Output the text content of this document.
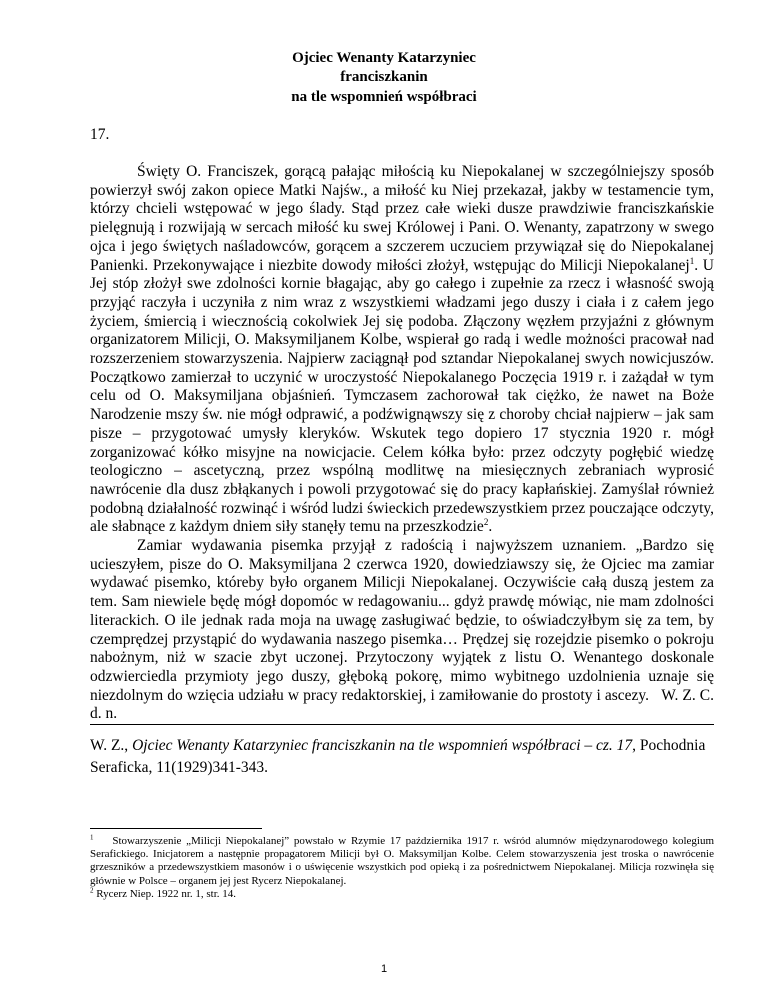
Ojciec Wenanty Katarzyniec
franciszkanin
na tle wspomnień współbraci
17.

Święty O. Franciszek, gorącą pałając miłością ku Niepokalanej w szczególniejszy sposób powierzył swój zakon opiece Matki Najśw., a miłość ku Niej przekazał, jakby w testamencie tym, którzy chcieli wstępować w jego ślady. Stąd przez całe wieki dusze prawdziwie franciszkańskie pielęgnują i rozwijają w sercach miłość ku swej Królowej i Pani. O. Wenanty, zapatrzony w swego ojca i jego świętych naśladowców, gorącem a szczerem uczuciem przywiązał się do Niepokalanej Panienki. Przekonywające i niezbite dowody miłości złożył, wstępując do Milicji Niepokalanej$^1$. U Jej stóp złożył swe zdolności kornie błagając, aby go całego i zupełnie za rzecz i własność swoją przyjąć raczyła i uczyniła z nim wraz z wszystkiemi władzami jego duszy i ciała i z całem jego życiem, śmiercią i wiecznością cokolwiek Jej się podoba. Złączony węzłem przyjaźni z głównym organizatorem Milicji, O. Maksymiljanem Kolbe, wspierał go radą i wedle możności pracował nad rozszerzeniem stowarzyszenia. Najpierw zaciągnął pod sztandar Niepokalanej swych nowicjuszów. Początkowo zamierzał to uczynić w uroczystość Niepokalanego Poczęcia 1919 r. i zażądał w tym celu od O. Maksymiljana objaśnień. Tymczasem zachorował tak ciężko, że nawet na Boże Narodzenie mszy św. nie mógł odprawić, a podźwignąwszy się z choroby chciał najpierw – jak sam pisze – przygotować umysły kleryków. Wskutek tego dopiero 17 stycznia 1920 r. mógł zorganizować kółko misyjne na nowicjacie. Celem kółka było: przez odczyty pogłębić wiedzę teologiczno – ascetyczną, przez wspólną modlitwę na miesięcznych zebraniach wyprosić nawrócenie dla dusz zbłąkanych i powoli przygotować się do pracy kapłańskiej. Zamyślał również podobną działalność rozwinąć i wśród ludzi świeckich przedewszystkiem przez pouczające odczyty, ale słabnące z każdym dniem siły stanęły temu na przeszkodzie$^2$.

Zamiar wydawania pisemka przyjął z radością i najwyższem uznaniem. „Bardzo się ucieszyłem, pisze do O. Maksymiljana 2 czerwca 1920, dowiedziawszy się, że Ojciec ma zamiar wydawać pisemko, któreby było organem Milicji Niepokalanej. Oczywiście całą duszą jestem za tem. Sam niewiele będę mógł dopomóc w redagowaniu... gdyż prawdę mówiąc, nie mam zdolności literackich. O ile jednak rada moja na uwagę zasługiwać będzie, to oświadczyłbym się za tem, by czemprędzej przystąpić do wydawania naszego pisemka… Prędzej się rozejdzie pisemko o pokroju nabożnym, niż w szacie zbyt uczonej. Przytoczony wyjątek z listu O. Wenantego doskonale odzwierciedla przymioty jego duszy, głęboką pokorę, mimo wybitnego uzdolnienia uznaje się niezdolnym do wzięcia udziału w pracy redaktorskiej, i zamiłowanie do prostoty i ascezy. W. Z. C. d. n.

W. Z., Ojciec Wenanty Katarzyniec franciszkanin na tle wspomnień współbraci – cz. 17, Pochodnia Seraficka, 11(1929)341-343.

$^1$ Stowarzyszenie „Milicji Niepokalanej” powstało w Rzymie 17 października 1917 r. wśród alumnów międzynarodowego kolegium Serafickiego. Inicjatorem a następnie propagatorem Milicji był O. Maksymiljan Kolbe. Celem stowarzyszenia jest troska o nawrócenie grzeszników a przedewszystkiem masonów i o uświęcenie wszystkich pod opieką i za pośrednictwem Niepokalanej. Milicja rozwinęła się głównie w Polsce – organem jej jest Rycerz Niepokalanej.

$^2$ Rycerz Niep. 1922 nr. 1, str. 14.

1
